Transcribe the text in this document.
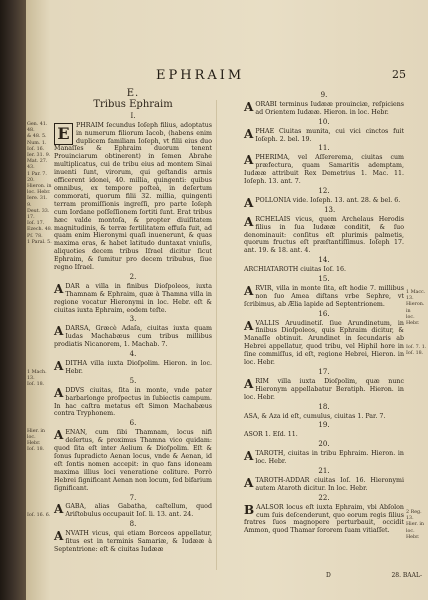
EPHRAIM	25
Gen. 41. 48.
& 48. 5.
Num. 1.
Ioſ. 16.
Ier. 31. 9.
Mat. 27. 43.
1 Par. 7. 20.
Hieron. in
loc. Hebr.
Iere. 31. 9.
Deut. 33. 17.
Ioſ. 17.
Ezech. 48.
Pſ. 78.
1 Paral. 5.
1 Mach. 13.
Ioſ. 18.
Hier. in loc.
Hebr.
Ioſ. 18.
Ioſ. 16. 6.
1 Macc. 13.
Hieron. in
loc. Hebr.
Ioſ. 7. 1.
Ioſ. 18.
2 Reg. 13.
Hier. in
loc. Hebr.
E.
Tribus Ephraim
I.

E	PHRAIM ſecundus Ioſeph filius, adoptatus in numerum filiorum Iacob, (habens enim duplicem familiam Ioſeph, vt filii eius duo Manaſſes & Ephraim duorum tenent Prouinciarum obtinerent) in ſemen Abrahe multiplicatus, cui de tribu eius ad montem Sinai inuenti ſunt, virorum, qui geſtandis armis efficerent idonei, 40. millia, quingenti: quibus omnibus, ex tempore poſteà, in deſertum commorati, quorum filii 32. millia, quingenti terram promiſſionis ingreſſi, pro parte Ioſeph cum Iordane poſſeſſionem ſortiti ſunt. Erat tribus hæc valde montoſa, & propter diuiſitatem magnitudinis, & terræ fertilitatem effuſa fuit, ad quam enim Hieronymi quaſi inuenerunt, & quas maxima eras, & habet latitudo duntaxat vniuſis, aliquoties decem tribus Iſrael dicitur ſicut Ephraim, & ſumitur pro decem tribubus, ſiue regno Iſrael.

2.

ADAR a villa in finibus Dioſpoleos, iuxta Thamnam & Ephraim, quæ à Thamna villa in regione vocatur Hieronymi in loc. Hebr. eſt & ciuitas iuxta Ephraim, eodem teſte.

3.

ADARSA, Græcè Adaſa, ciuitas iuxta quam Iudas Machabæus cum tribus millibus prodiatis Nicanorem, 1. Machab. 7.

4.

ADITHA villa iuxta Dioſpolim. Hieron. in loc. Hebr.

5.

ADDVS ciuitas, ſita in monte, vnde pater barbarlonge proſpectus in ſubiectis campum. In hac caſtra metatus eſt Simon Machabæus contra Tryphonem.

6.

AENAN, cum ſibi Thamnam, locus nifi deſertus, & proximus Thamna vico quidam: quod ſita eſt inter Aelium & Dioſpolim. Eſt & ſonus ſupradicto Aenan locus, vnde & Aenan, id eſt ſontis nomen accepit: in quo fans idoneam maxima illius loci veneratione coliture. Porrò Hebrei ſignificant Aenan non locum, ſed bifarium ſignificant.

7.

AGABA, alias Gabatha, caſtellum, quod Ariſtobulus occupauit Ioſ. li. 13. ant. 24.

8.

ANVATH vicus, qui etiam Borceos appellatur, ſitus est in terminis Samariæ, & Iudææ à Septentrione: eſt & ciuitas Iudææ

9.

AORABI terminus Iudææ prouinciæ, reſpiciens ad Orientem Iudææ. Hieron. in loc. Hebr.

10.

APHAE Ciuitas munita, cui vici cinctos fuit Ioſeph. 2. bel. 19.

11.

APHERIMA, vel Aſſererema, ciuitas cum præfectura, quam Samaritis ademptam, Iudææ attribuit Rex Demetrius 1. Mac. 11. Ioſeph. 13. ant. 7.

12.

APOLLONIA vide. Ioſeph. 13. ant. 28. & bel. 6.

13.

ARCHELAIS vicus, quem Archelaus Herodis filius in ſua Iudææ conditit, & ſuo denominauit: conſitus eſt plurimis palmetis, quorum fructus eſt præſtantiſſimus. Ioſeph 17. ant. 19. & 18. ant. 4.

14.

ARCHIATAROTH ciuitas Ioſ. 16.

15.

ARVIR, villa in monte ſita, eſt hodie 7. millibus non ſuo Amea diſtans vrbe Sephre, vt ſcribimus, ab Ælia lapide ad Septentrionem.

16.

AVALLIS Aruudinetiſ. ſiue Arundinetum, in finibus Dioſpoleos, quis Ephraim dicitur, & Manaſſe obtinuit. Arundinet in ſecundaris ab Hebrei appellatur, quod tribu, vel Hiphil hore in ſine commiſſus, id eſt, regione Hebrei, Hieron. in loc. Hebr.

17.

ARIM villa iuxta Dioſpolim, quæ nunc Hieronym appellabatur Beratiph. Hieron. in loc. Hebr.

18.

ASA, & Aza id eſt, cumulus, ciuitas 1. Par. 7.

19.

ASOR 1. Eſd. 11.

20.

ATAROTH, ciuitas in tribu Ephraim. Hieron. in loc. Hebr.

21.

ATAROTH-ADDAR ciuitas Ioſ. 16. Hieronymi autem Ataroth dicitur. In loc. Hebr.

22.

BAALSOR locus eſt iuxta Ephraim, vbi Abſolon cum ſuis deſcenderunt, quo eorum regis ſilius fratres ſuos magnopere perturbauit, occidit Ammon, quod Thamar ſororem ſuam vitiaſſet.

D	28. BAAL-
